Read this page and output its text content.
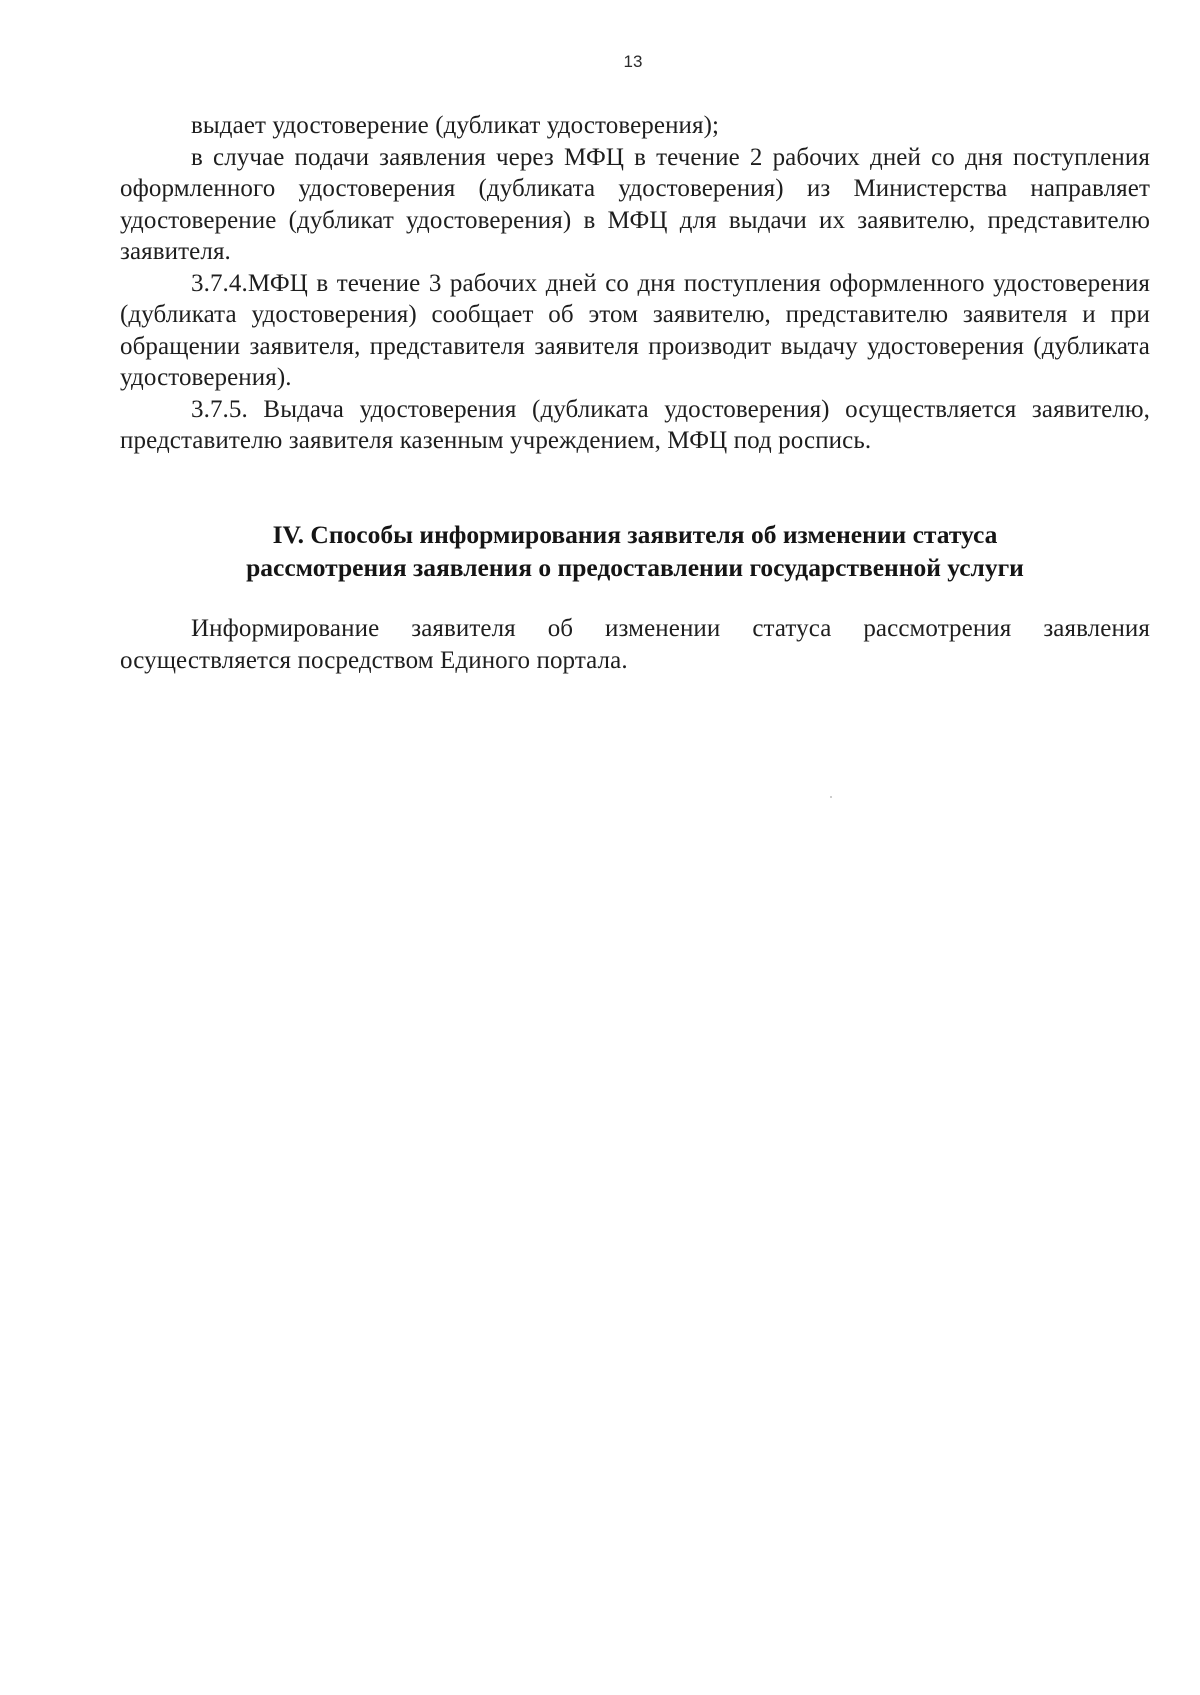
13

выдает удостоверение (дубликат удостоверения);

в случае подачи заявления через МФЦ в течение 2 рабочих дней со дня поступления оформленного удостоверения (дубликата удостоверения) из Министерства направляет удостоверение (дубликат удостоверения) в МФЦ для выдачи их заявителю, представителю заявителя.

3.7.4.МФЦ в течение 3 рабочих дней со дня поступления оформленного удостоверения (дубликата удостоверения) сообщает об этом заявителю, представителю заявителя и при обращении заявителя, представителя заявителя производит выдачу удостоверения (дубликата удостоверения).

3.7.5. Выдача удостоверения (дубликата удостоверения) осуществляется заявителю, представителю заявителя казенным учреждением, МФЦ под роспись.

IV. Способы информирования заявителя об изменении статуса
рассмотрения заявления о предоставлении государственной услуги

Информирование заявителя об изменении статуса рассмотрения заявления осуществляется посредством Единого портала.
